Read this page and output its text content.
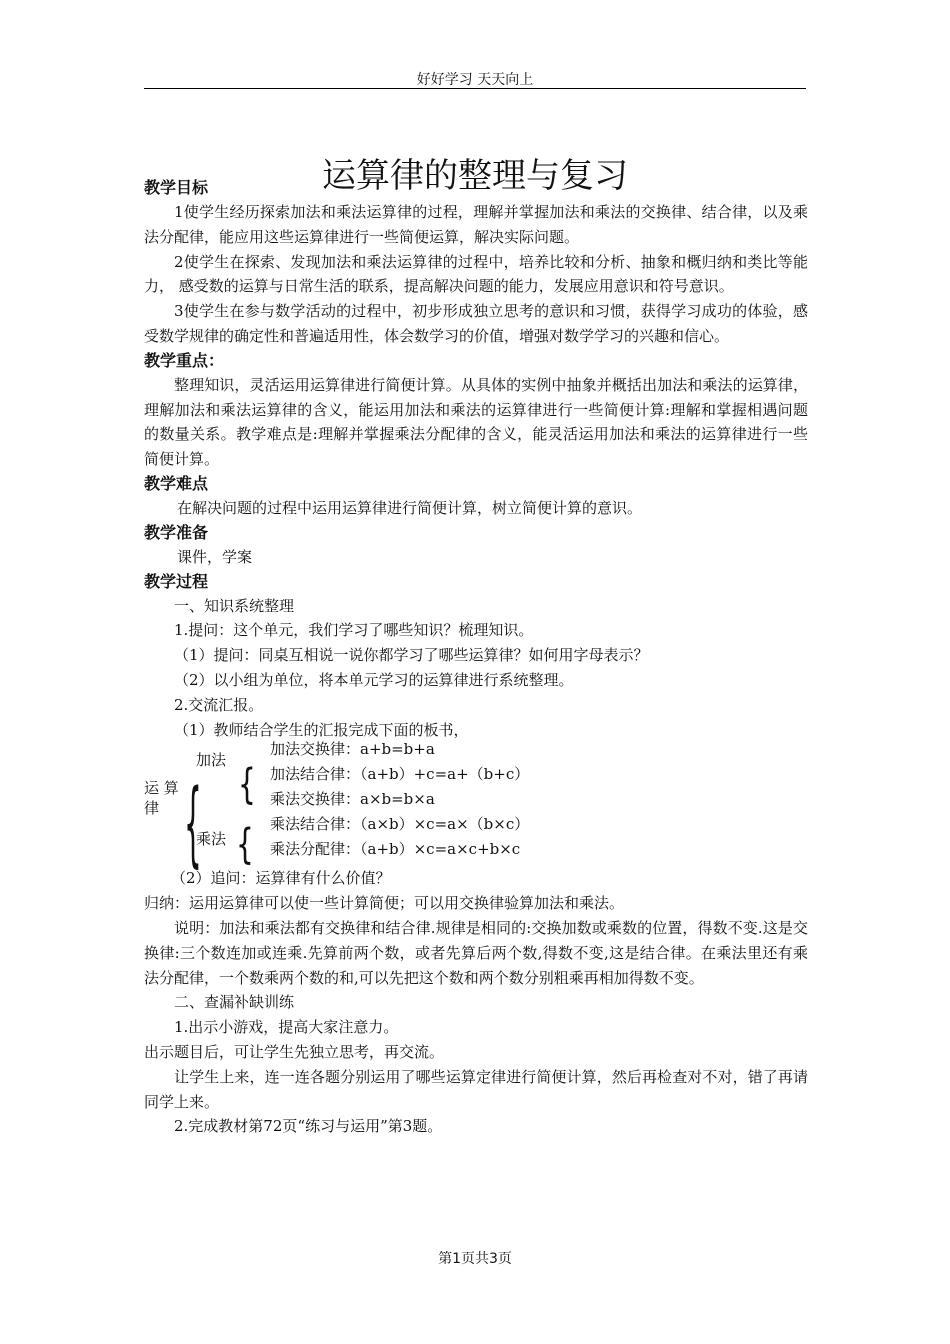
好好学习 天天向上
运算律的整理与复习
教学目标

1使学生经历探索加法和乘法运算律的过程，理解并掌握加法和乘法的交换律、结合律，以及乘法分配律，能应用这些运算律进行一些简便运算，解决实际问题。

2使学生在探索、发现加法和乘法运算律的过程中，培养比较和分析、抽象和概归纳和类比等能力， 感受数的运算与日常生活的联系，提高解决问题的能力，发展应用意识和符号意识。

3使学生在参与数学活动的过程中，初步形成独立思考的意识和习惯，获得学习成功的体验，感受数学规律的确定性和普遍适用性，体会数学习的价值，增强对数学学习的兴趣和信心。

教学重点：

整理知识，灵活运用运算律进行简便计算。从具体的实例中抽象并概括出加法和乘法的运算律，理解加法和乘法运算律的含义，能运用加法和乘法的运算律进行一些简便计算:理解和掌握相遇问题的数量关系。教学难点是:理解并掌握乘法分配律的含义，能灵活运用加法和乘法的运算律进行一些简便计算。

教学难点

在解决问题的过程中运用运算律进行简便计算，树立简便计算的意识。

教学准备

课件，学案

教学过程

一、知识系统整理

1.提问：这个单元，我们学习了哪些知识？梳理知识。

（1）提问：同桌互相说一说你都学习了哪些运算律？如何用字母表示？

（2）以小组为单位，将本单元学习的运算律进行系统整理。

2.交流汇报。

（1）教师结合学生的汇报完成下面的板书，

运 算
律 {
加法 {
乘法 {
加法交换律：a+b=b+a
加法结合律：（a+b）+c=a+（b+c）
乘法交换律：a×b=b×a
乘法结合律：（a×b）×c=a×（b×c）
乘法分配律：（a+b）×c=a×c+b×c

（2）追问：运算律有什么价值？

归纳：运用运算律可以使一些计算简便；可以用交换律验算加法和乘法。

说明：加法和乘法都有交换律和结合律.规律是相同的:交换加数或乘数的位置，得数不变.这是交换律:三个数连加或连乘.先算前两个数，或者先算后两个数,得数不变,这是结合律。在乘法里还有乘法分配律，一个数乘两个数的和,可以先把这个数和两个数分别粗乘再相加得数不变。

二、查漏补缺训练

1.出示小游戏，提高大家注意力。

出示题目后，可让学生先独立思考，再交流。

让学生上来，连一连各题分别运用了哪些运算定律进行简便计算，然后再检查对不对，错了再请同学上来。

2.完成教材第72页“练习与运用”第3题。

第1页共3页
